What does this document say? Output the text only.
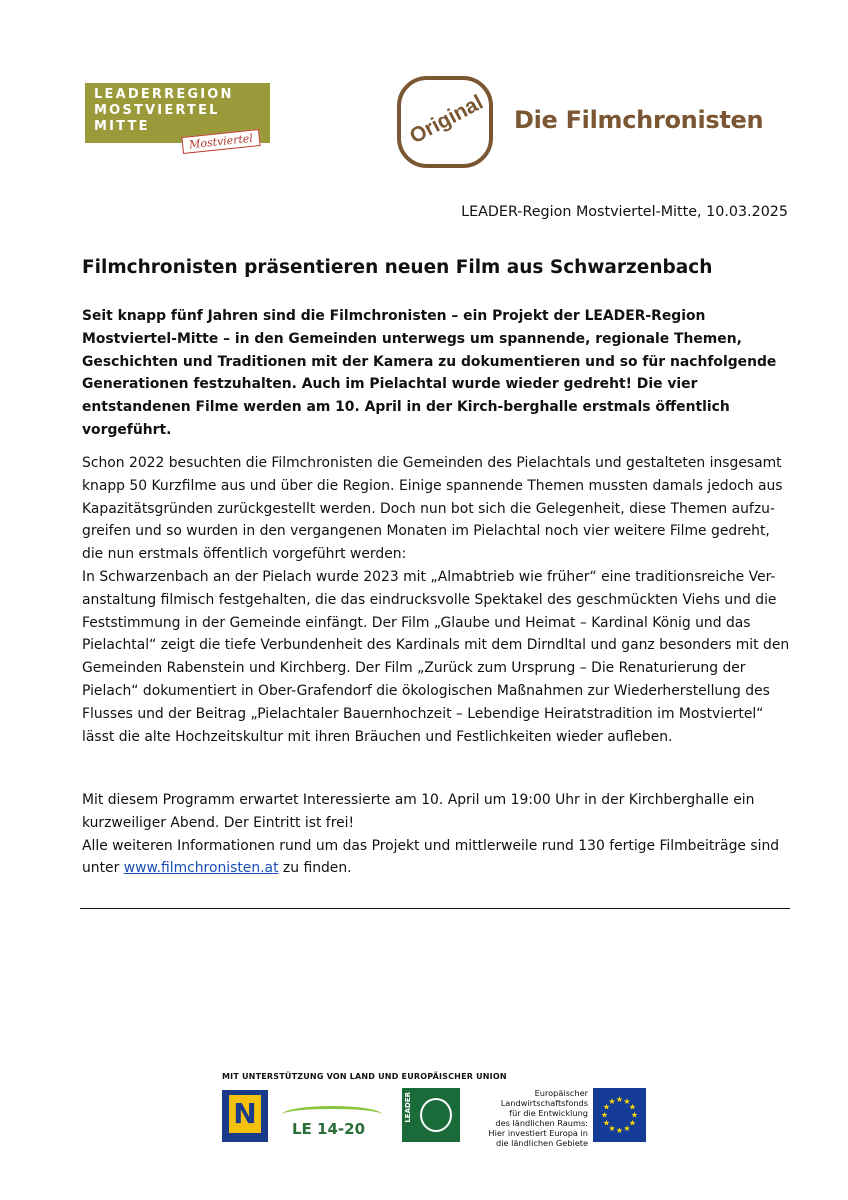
LEADERREGION
MOSTVIERTEL
MITTE
Mostviertel	Original Die Filmchronisten
LEADER-Region Mostviertel-Mitte, 10.03.2025
Filmchronisten präsentieren neuen Film aus Schwarzenbach

Seit knapp fünf Jahren sind die Filmchronisten – ein Projekt der LEADER-Region Mostviertel-Mitte – in den Gemeinden unterwegs um spannende, regionale Themen, Geschichten und Traditionen mit der Kamera zu dokumentieren und so für nachfolgende Generationen festzuhalten. Auch im Pielachtal wurde wieder gedreht! Die vier entstandenen Filme werden am 10. April in der Kirch-berghalle erstmals öffentlich vorgeführt.

Schon 2022 besuchten die Filmchronisten die Gemeinden des Pielachtals und gestalteten insgesamt knapp 50 Kurzfilme aus und über die Region. Einige spannende Themen mussten damals jedoch aus Kapazitätsgründen zurückgestellt werden. Doch nun bot sich die Gelegenheit, diese Themen aufzu-greifen und so wurden in den vergangenen Monaten im Pielachtal noch vier weitere Filme gedreht, die nun erstmals öffentlich vorgeführt werden:
In Schwarzenbach an der Pielach wurde 2023 mit „Almabtrieb wie früher“ eine traditionsreiche Ver-anstaltung filmisch festgehalten, die das eindrucksvolle Spektakel des geschmückten Viehs und die Feststimmung in der Gemeinde einfängt. Der Film „Glaube und Heimat – Kardinal König und das Pielachtal“ zeigt die tiefe Verbundenheit des Kardinals mit dem Dirndltal und ganz besonders mit den Gemeinden Rabenstein und Kirchberg. Der Film „Zurück zum Ursprung – Die Renaturierung der Pielach“ dokumentiert in Ober-Grafendorf die ökologischen Maßnahmen zur Wiederherstellung des Flusses und der Beitrag „Pielachtaler Bauernhochzeit – Lebendige Heiratstradition im Mostviertel“ lässt die alte Hochzeitskultur mit ihren Bräuchen und Festlichkeiten wieder aufleben.
Mit diesem Programm erwartet Interessierte am 10. April um 19:00 Uhr in der Kirchberghalle ein kurzweiliger Abend. Der Eintritt ist frei!
Alle weiteren Informationen rund um das Projekt und mittlerweile rund 130 fertige Filmbeiträge sind unter www.filmchronisten.at zu finden.
MIT UNTERSTÜTZUNG VON LAND UND EUROPÄISCHER UNION
N LE 14-20
LEADER	Europäischer
Landwirtschaftsfonds
für die Entwicklung
des ländlichen Raums:
Hier investiert Europa in
die ländlichen Gebiete
★ ★
★
★
★
★
★
★
★
★
★
★
